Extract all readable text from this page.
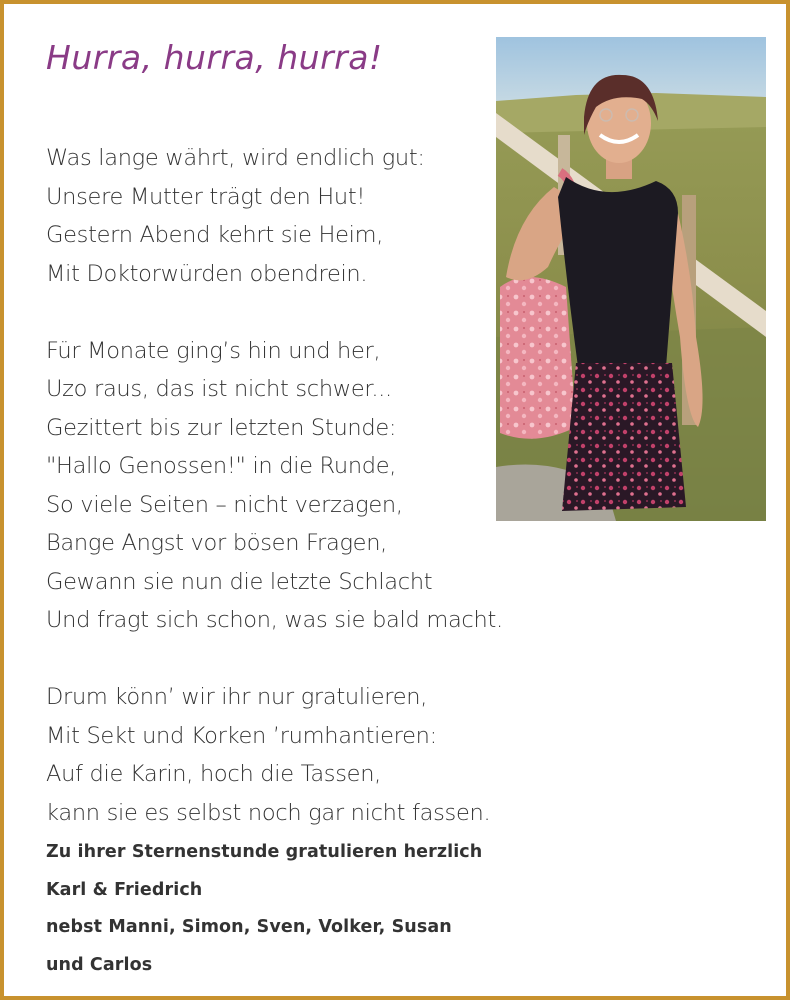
Hurra, hurra, hurra!
Was lange währt, wird endlich gut:
Unsere Mutter trägt den Hut!
Gestern Abend kehrt sie Heim,
Mit Doktorwürden obendrein.
Für Monate ging’s hin und her,
Uzo raus, das ist nicht schwer...
Gezittert bis zur letzten Stunde:
"Hallo Genossen!" in die Runde,
So viele Seiten – nicht verzagen,
Bange Angst vor bösen Fragen,
Gewann sie nun die letzte Schlacht
Und fragt sich schon, was sie bald macht.
Drum könn’ wir ihr nur gratulieren,
Mit Sekt und Korken ’rumhantieren:
Auf die Karin, hoch die Tassen,
kann sie es selbst noch gar nicht fassen.
Zu ihrer Sternenstunde gratulieren herzlich
Karl & Friedrich
nebst Manni, Simon, Sven, Volker, Susan
und Carlos
